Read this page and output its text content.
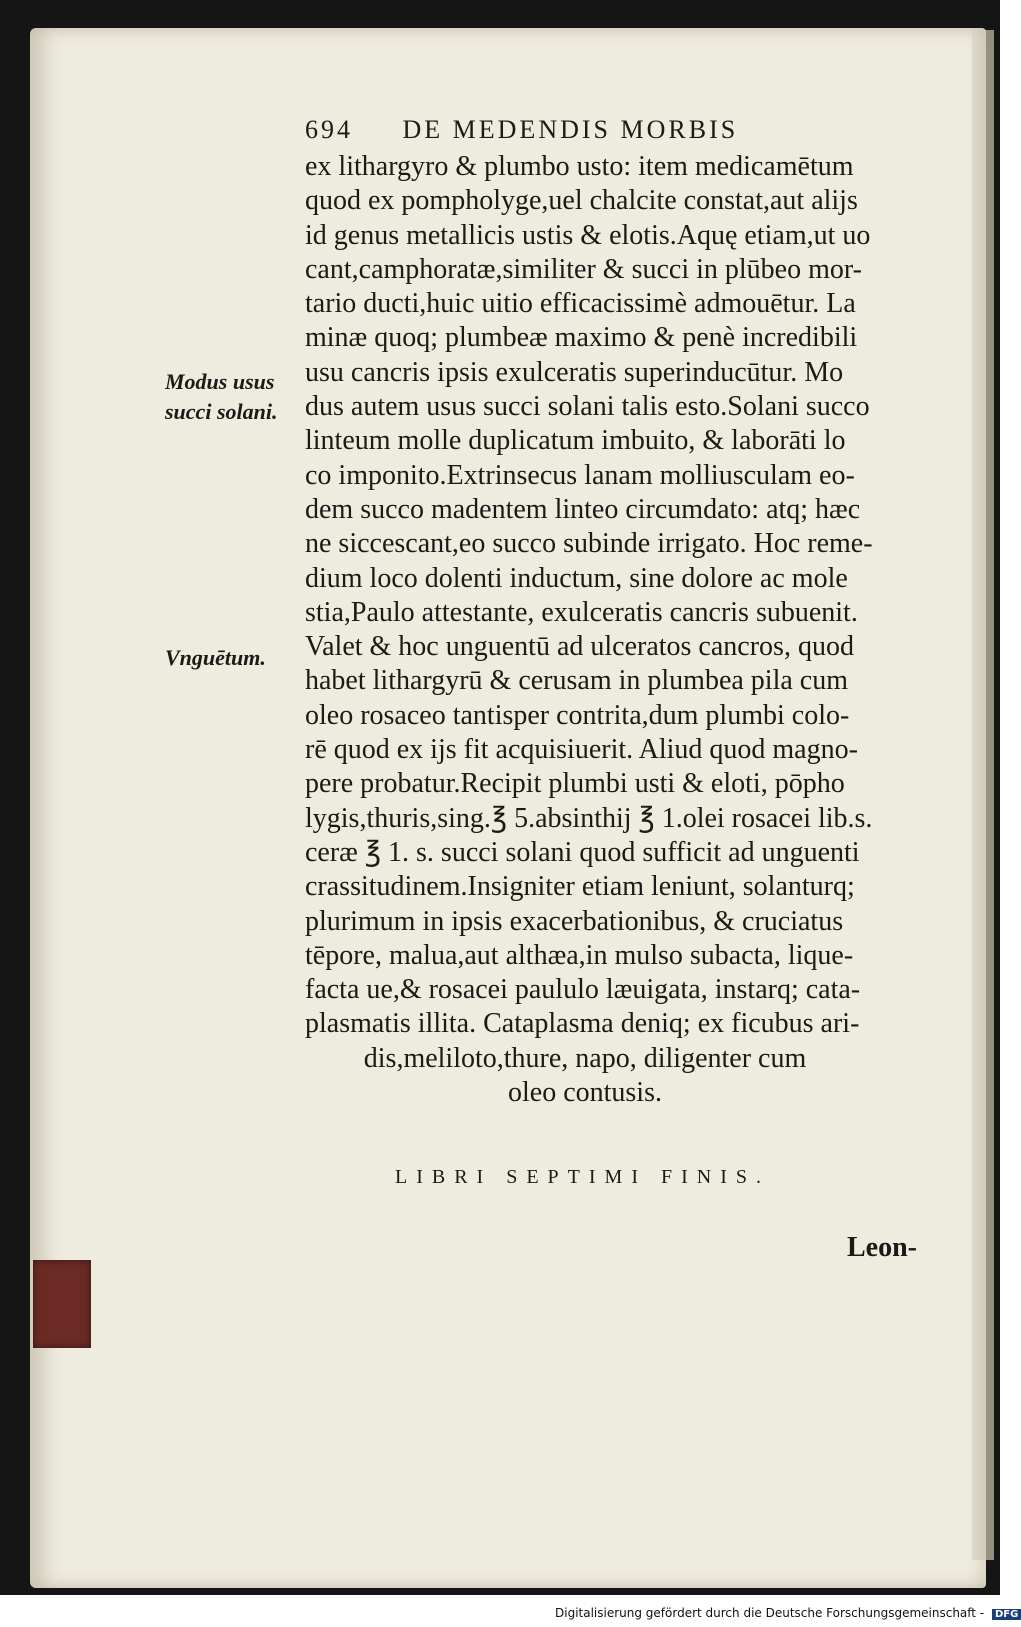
694 DE MEDENDIS MORBIS
ex lithargyro & plumbo usto: item medicamētum
quod ex pompholyge,uel chalcite constat,aut alijs
id genus metallicis ustis & elotis.Aquę etiam,ut uo
cant,camphoratæ,similiter & succi in plūbeo mor-
tario ducti,huic uitio efficacissimè admouētur. La
minæ quoq; plumbeæ maximo & penè incredibili
usu cancris ipsis exulceratis superinducūtur. Mo
dus autem usus succi solani talis esto.Solani succo
linteum molle duplicatum imbuito, & laborāti lo
co imponito.Extrinsecus lanam molliusculam eo-
dem succo madentem linteo circumdato: atq; hæc
ne siccescant,eo succo subinde irrigato. Hoc reme-
dium loco dolenti inductum, sine dolore ac mole
stia,Paulo attestante, exulceratis cancris subuenit.
Valet & hoc unguentū ad ulceratos cancros, quod
habet lithargyrū & cerusam in plumbea pila cum
oleo rosaceo tantisper contrita,dum plumbi colo-
rē quod ex ijs fit acquisiuerit. Aliud quod magno-
pere probatur.Recipit plumbi usti & eloti, pōpho
lygis,thuris,sing.℥ 5.absinthij ℥ 1.olei rosacei lib.s.
ceræ ℥ 1. s. succi solani quod sufficit ad unguenti
crassitudinem.Insigniter etiam leniunt, solanturq;
plurimum in ipsis exacerbationibus, & cruciatus
tēpore, malua,aut althæa,in mulso subacta, lique-
facta ue,& rosacei paululo læuigata, instarq; cata-
plasmatis illita. Cataplasma deniq; ex ficubus ari-
dis,meliloto,thure, napo, diligenter cum
oleo contusis.
Modus usus
succi solani.
Vnguētum.
LIBRI SEPTIMI FINIS.
Leon-
Digitalisierung gefördert durch die Deutsche Forschungsgemeinschaft - DFG
